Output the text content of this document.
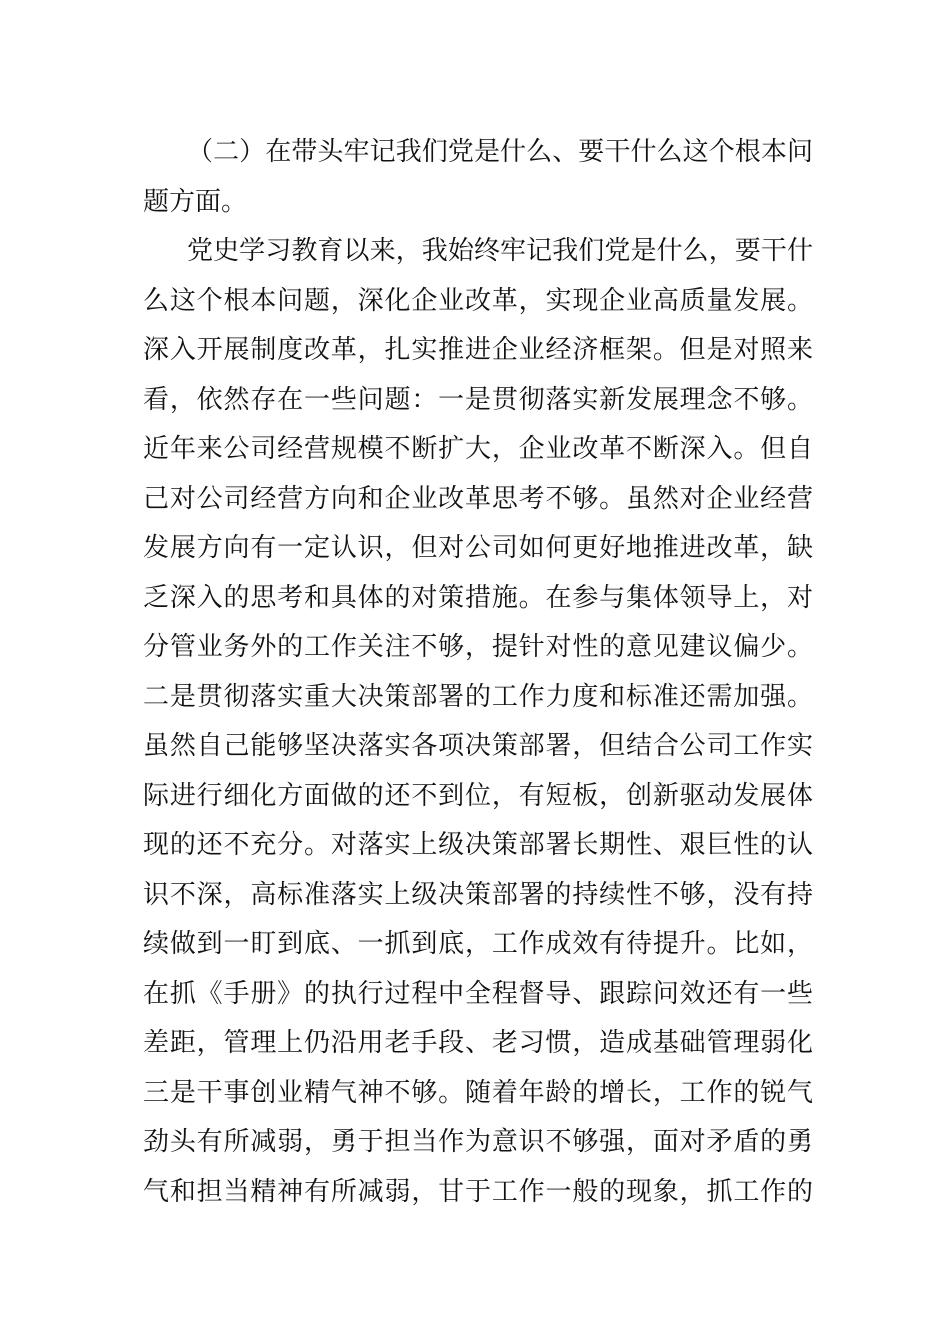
（二）在带头牢记我们党是什么、要干什么这个根本问
题方面。
党史学习教育以来，我始终牢记我们党是什么，要干什
么这个根本问题，深化企业改革，实现企业高质量发展。
深入开展制度改革，扎实推进企业经济框架。但是对照来
看，依然存在一些问题：一是贯彻落实新发展理念不够。
近年来公司经营规模不断扩大，企业改革不断深入。但自
己对公司经营方向和企业改革思考不够。虽然对企业经营
发展方向有一定认识，但对公司如何更好地推进改革，缺
乏深入的思考和具体的对策措施。在参与集体领导上，对
分管业务外的工作关注不够，提针对性的意见建议偏少。
二是贯彻落实重大决策部署的工作力度和标准还需加强。
虽然自己能够坚决落实各项决策部署，但结合公司工作实
际进行细化方面做的还不到位，有短板，创新驱动发展体
现的还不充分。对落实上级决策部署长期性、艰巨性的认
识不深，高标准落实上级决策部署的持续性不够，没有持
续做到一盯到底、一抓到底，工作成效有待提升。比如，
在抓《手册》的执行过程中全程督导、跟踪问效还有一些
差距，管理上仍沿用老手段、老习惯，造成基础管理弱化
三是干事创业精气神不够。随着年龄的增长，工作的锐气
劲头有所减弱，勇于担当作为意识不够强，面对矛盾的勇
气和担当精神有所减弱，甘于工作一般的现象，抓工作的
